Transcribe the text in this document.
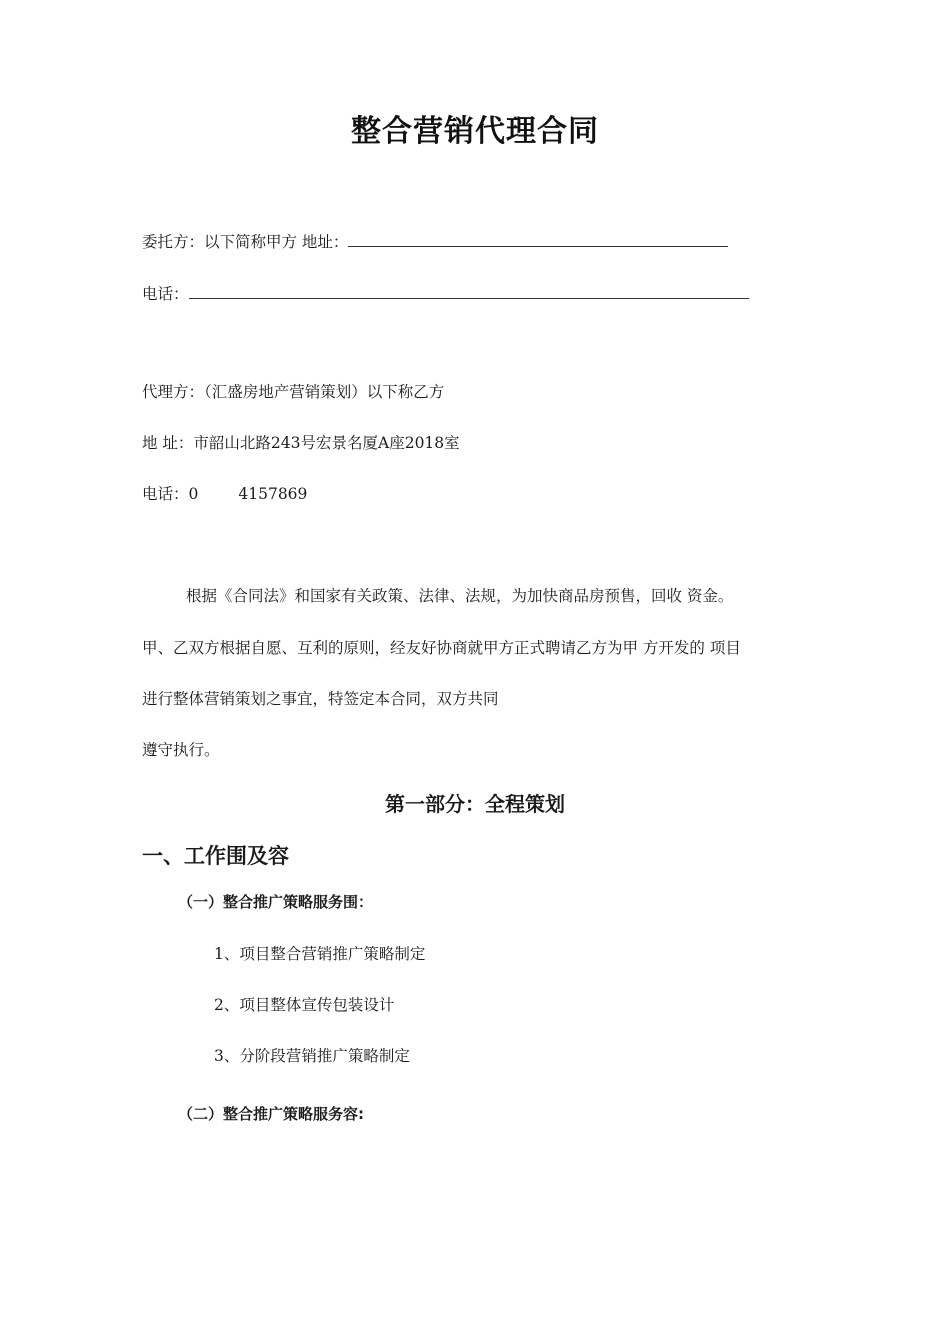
整合营销代理合同
委托方：以下简称甲方 地址：
电话：
代理方：（汇盛房地产营销策划）以下称乙方
地 址：市韶山北路243号宏景名厦A座2018室
电话：0	4157869
根据《合同法》和国家有关政策、法律、法规，为加快商品房预售，回收 资金。
甲、乙双方根据自愿、互利的原则，经友好协商就甲方正式聘请乙方为甲 方开发的 项目
进行整体营销策划之事宜，特签定本合同，双方共同
遵守执行。
第一部分：全程策划
一、工作围及容
（一）整合推广策略服务围：
1、项目整合营销推广策略制定
2、项目整体宣传包装设计
3、分阶段营销推广策略制定
（二）整合推广策略服务容:
